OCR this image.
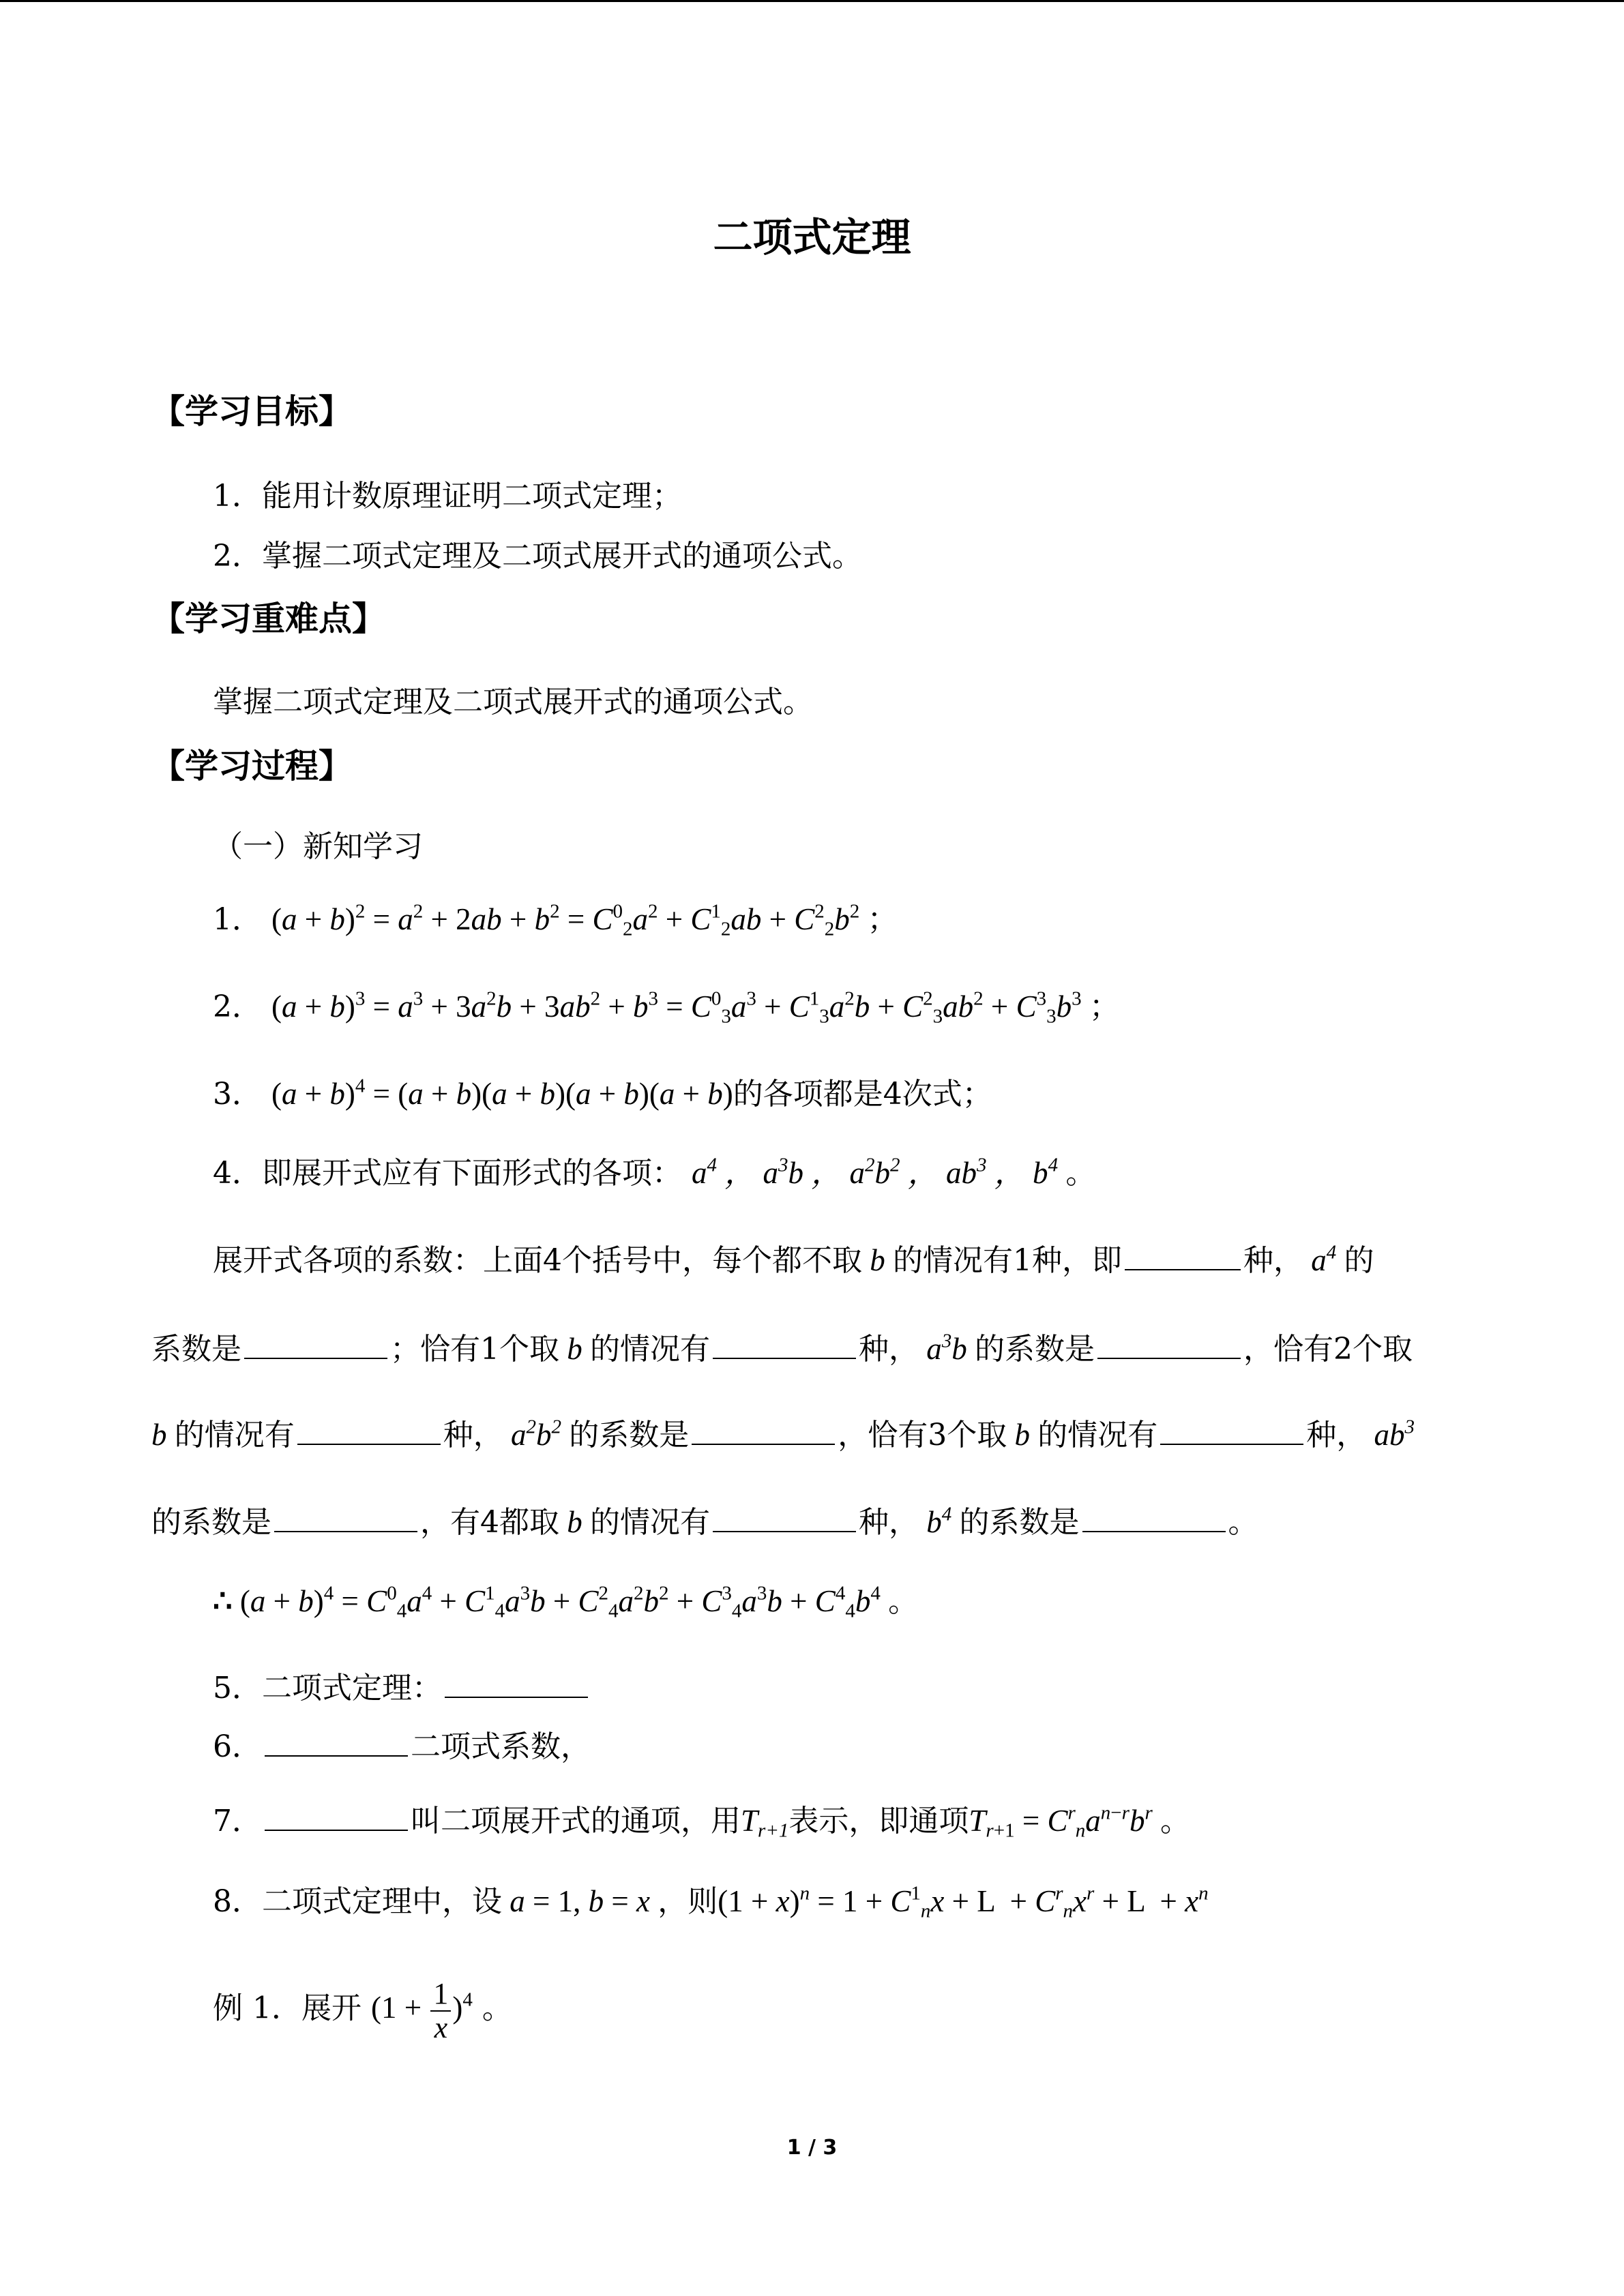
二项式定理
【学习目标】
1．能用计数原理证明二项式定理；
2．掌握二项式定理及二项式展开式的通项公式。
【学习重难点】
掌握二项式定理及二项式展开式的通项公式。
【学习过程】
（一）新知学习
1． $(a + b)^2 = a^2 + 2ab + b^2 = C^0_2a^2 + C^1_2ab + C^2_2b^2$ ；
2． $(a + b)^3 = a^3 + 3a^2b + 3ab^2 + b^3 = C^0_3a^3 + C^1_3a^2b + C^2_3ab^2 + C^3_3b^3$ ；
3． $(a + b)^4 = (a + b)(a + b)(a + b)(a + b)$的各项都是4次式；
4．即展开式应有下面形式的各项： $a^4$ ， $a^3b$ ， $a^2b^2$ ， $ab^3$ ， $b^4$ 。
展开式各项的系数：上面4个括号中，每个都不取 b 的情况有1种，即	种， $a^4$ 的
系数是	；恰有1个取 b 的情况有	种， $a^3b$ 的系数是	，恰有2个取
b 的情况有	种， $a^2b^2$ 的系数是	，恰有3个取 b 的情况有	种， $ab^3$
的系数是	，有4都取 b 的情况有	种， $b^4$ 的系数是	。
∴ $(a + b)^4 = C^0_4a^4 + C^1_4a^3b + C^2_4a^2b^2 + C^3_4a^3b + C^4_4b^4$ 。
5．二项式定理：
6．	二项式系数，
7．	叫二项展开式的通项，用$T_{r+1}$表示，即通项$T_{r+1} = C^r_na^{n-r}b^r$ 。
8．二项式定理中，设 a = 1, b = x ，则$(1 + x)^n = 1 + C^1_nx + L + C^r_nx^r + L + x^n$
例 1．展开 $(1 + \frac{1}{x} )^4$ 。
1 / 3
